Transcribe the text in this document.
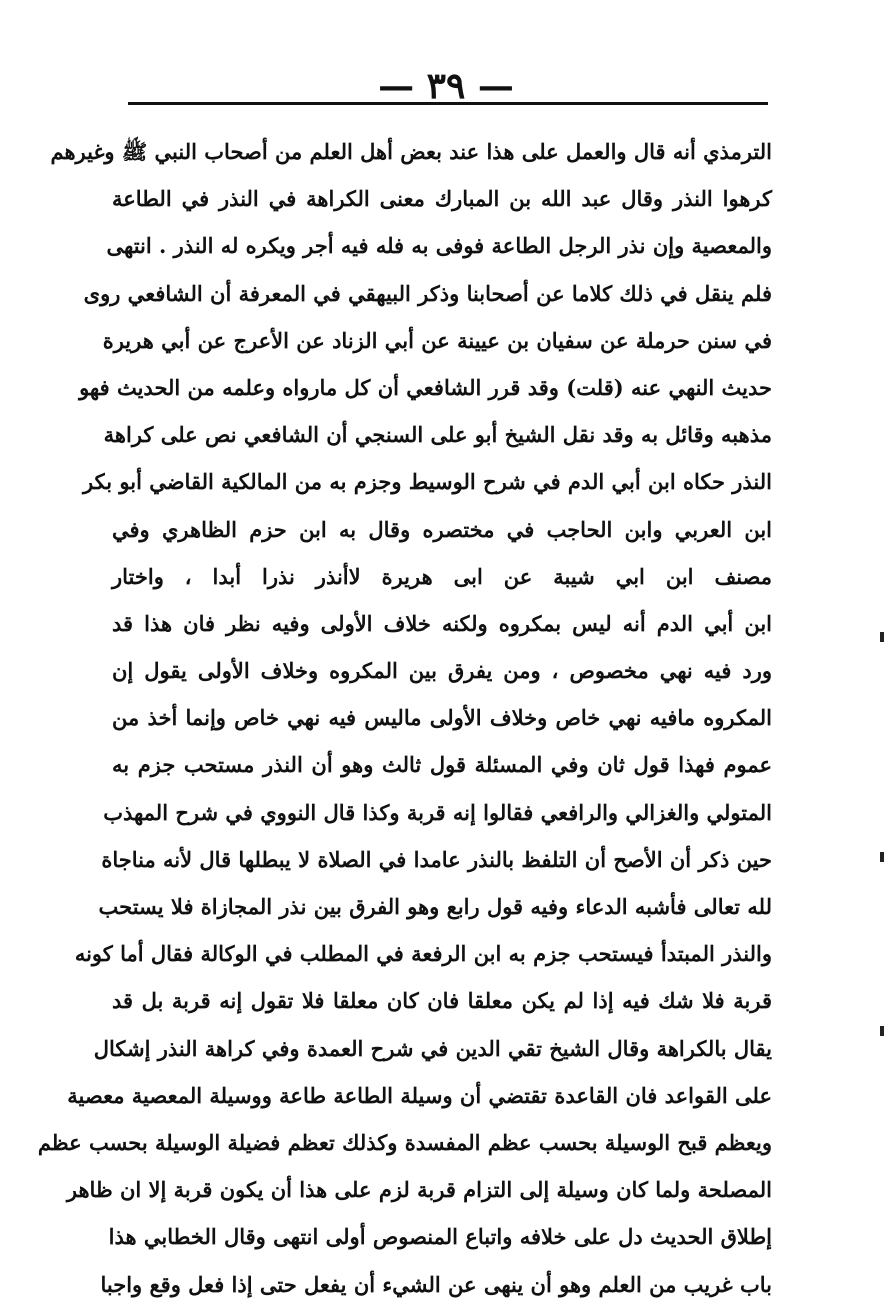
— ٣٩ —
الترمذي أنه قال والعمل على هذا عند بعض أهل العلم من أصحاب النبي ﷺ وغيرهم
كرهوا النذر وقال عبد الله بن المبارك معنى الكراهة في النذر في الطاعة
والمعصية وإن نذر الرجل الطاعة فوفى به فله فيه أجر ويكره له النذر . انتهى
فلم ينقل في ذلك كلاما عن أصحابنا وذكر البيهقي في المعرفة أن الشافعي روى
في سنن حرملة عن سفيان بن عيينة عن أبي الزناد عن الأعرج عن أبي هريرة
حديث النهي عنه (قلت) وقد قرر الشافعي أن كل مارواه وعلمه من الحديث فهو
مذهبه وقائل به وقد نقل الشيخ أبو على السنجي أن الشافعي نص على كراهة
النذر حكاه ابن أبي الدم في شرح الوسيط وجزم به من المالكية القاضي أبو بكر
ابن العربي وابن الحاجب في مختصره وقال به ابن حزم الظاهري وفي
مصنف ابن ابي شيبة عن ابى هريرة لاأنذر نذرا أبدا ، واختار
ابن أبي الدم أنه ليس بمكروه ولكنه خلاف الأولى وفيه نظر فان هذا قد
ورد فيه نهي مخصوص ، ومن يفرق بين المكروه وخلاف الأولى يقول إن
المكروه مافيه نهي خاص وخلاف الأولى ماليس فيه نهي خاص وإنما أخذ من
عموم فهذا قول ثان وفي المسئلة قول ثالث وهو أن النذر مستحب جزم به
المتولي والغزالي والرافعي فقالوا إنه قربة وكذا قال النووي في شرح المهذب
حين ذكر أن الأصح أن التلفظ بالنذر عامدا في الصلاة لا يبطلها قال لأنه مناجاة
لله تعالى فأشبه الدعاء وفيه قول رابع وهو الفرق بين نذر المجازاة فلا يستحب
والنذر المبتدأ فيستحب جزم به ابن الرفعة في المطلب في الوكالة فقال أما كونه
قربة فلا شك فيه إذا لم يكن معلقا فان كان معلقا فلا تقول إنه قربة بل قد
يقال بالكراهة وقال الشيخ تقي الدين في شرح العمدة وفي كراهة النذر إشكال
على القواعد فان القاعدة تقتضي أن وسيلة الطاعة طاعة ووسيلة المعصية معصية
ويعظم قبح الوسيلة بحسب عظم المفسدة وكذلك تعظم فضيلة الوسيلة بحسب عظم
المصلحة ولما كان وسيلة إلى التزام قربة لزم على هذا أن يكون قربة إلا ان ظاهر
إطلاق الحديث دل على خلافه واتباع المنصوص أولى انتهى وقال الخطابي هذا
باب غريب من العلم وهو أن ينهى عن الشيء أن يفعل حتى إذا فعل وقع واجبا
